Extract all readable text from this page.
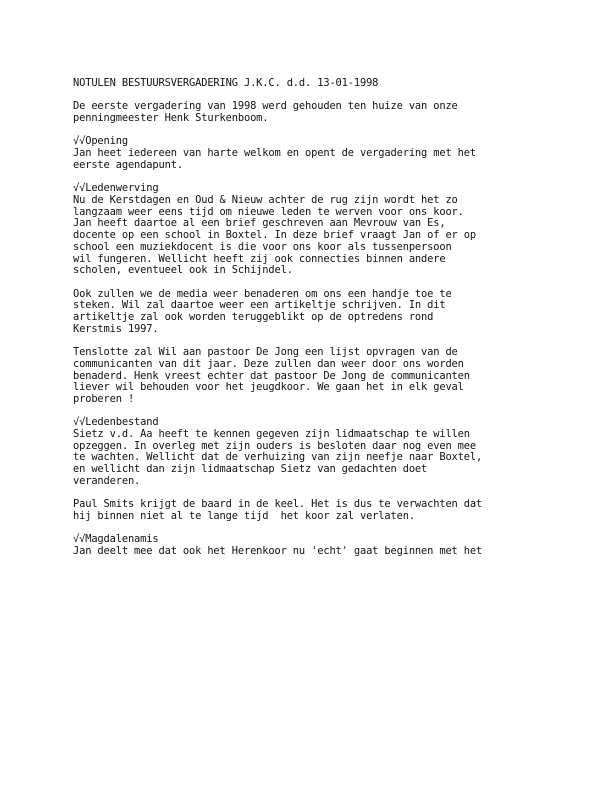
NOTULEN BESTUURSVERGADERING J.K.C. d.d. 13-01-1998
De eerste vergadering van 1998 werd gehouden ten huize van onze
penningmeester Henk Sturkenboom.
√√Opening
Jan heet iedereen van harte welkom en opent de vergadering met het
eerste agendapunt.
√√Ledenwerving
Nu de Kerstdagen en Oud & Nieuw achter de rug zijn wordt het zo
langzaam weer eens tijd om nieuwe leden te werven voor ons koor.
Jan heeft daartoe al een brief geschreven aan Mevrouw van Es,
docente op een school in Boxtel. In deze brief vraagt Jan of er op
school een muziekdocent is die voor ons koor als tussenpersoon
wil fungeren. Wellicht heeft zij ook connecties binnen andere
scholen, eventueel ook in Schijndel.
Ook zullen we de media weer benaderen om ons een handje toe te
steken. Wil zal daartoe weer een artikeltje schrijven. In dit
artikeltje zal ook worden teruggeblikt op de optredens rond
Kerstmis 1997.
Tenslotte zal Wil aan pastoor De Jong een lijst opvragen van de
communicanten van dit jaar. Deze zullen dan weer door ons worden
benaderd. Henk vreest echter dat pastoor De Jong de communicanten
liever wil behouden voor het jeugdkoor. We gaan het in elk geval
proberen !
√√Ledenbestand
Sietz v.d. Aa heeft te kennen gegeven zijn lidmaatschap te willen
opzeggen. In overleg met zijn ouders is besloten daar nog even mee
te wachten. Wellicht dat de verhuizing van zijn neefje naar Boxtel,
en wellicht dan zijn lidmaatschap Sietz van gedachten doet
veranderen.
Paul Smits krijgt de baard in de keel. Het is dus te verwachten dat
hij binnen niet al te lange tijd  het koor zal verlaten.
√√Magdalenamis
Jan deelt mee dat ook het Herenkoor nu 'echt' gaat beginnen met het
